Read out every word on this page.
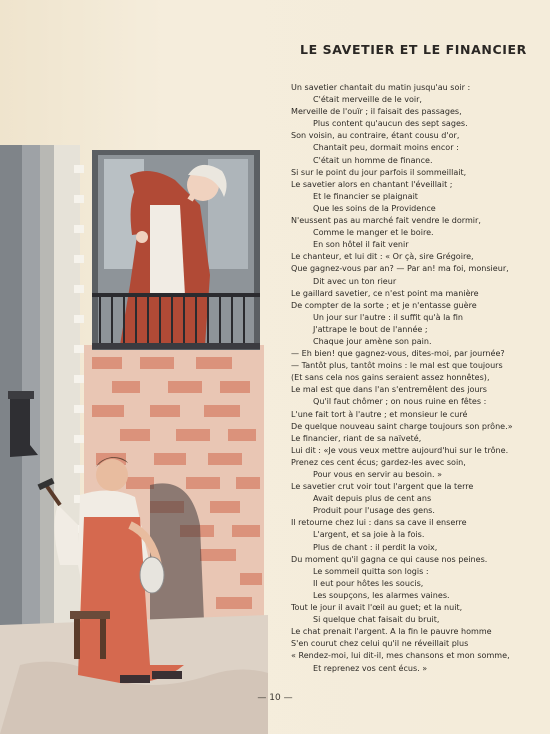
LE SAVETIER ET LE FINANCIER
Un savetier chantait du matin jusqu'au soir :
C'était merveille de le voir,
Merveille de l'ouïr ; il faisait des passages,
Plus content qu'aucun des sept sages.
Son voisin, au contraire, étant cousu d'or,
Chantait peu, dormait moins encor :
C'était un homme de finance.
Si sur le point du jour parfois il sommeillait,
Le savetier alors en chantant l'éveillait ;
Et le financier se plaignait
Que les soins de la Providence
N'eussent pas au marché fait vendre le dormir,
Comme le manger et le boire.
En son hôtel il fait venir
Le chanteur, et lui dit : « Or çà, sire Grégoire,
Que gagnez-vous par an? — Par an! ma foi, monsieur,
Dit avec un ton rieur
Le gaillard savetier, ce n'est point ma manière
De compter de la sorte ; et je n'entasse guère
Un jour sur l'autre : il suffit qu'à la fin
J'attrape le bout de l'année ;
Chaque jour amène son pain.
— Eh bien! que gagnez-vous, dites-moi, par journée?
— Tantôt plus, tantôt moins : le mal est que toujours
(Et sans cela nos gains seraient assez honnêtes),
Le mal est que dans l'an s'entremêlent des jours
Qu'il faut chômer ; on nous ruine en fêtes :
L'une fait tort à l'autre ; et monsieur le curé
De quelque nouveau saint charge toujours son prône.»
Le financier, riant de sa naïveté,
Lui dit : «Je vous veux mettre aujourd'hui sur le trône.
Prenez ces cent écus; gardez-les avec soin,
Pour vous en servir au besoin. »
Le savetier crut voir tout l'argent que la terre
Avait depuis plus de cent ans
Produit pour l'usage des gens.
Il retourne chez lui : dans sa cave il enserre
L'argent, et sa joie à la fois.
Plus de chant : il perdit la voix,
Du moment qu'il gagna ce qui cause nos peines.
Le sommeil quitta son logis :
Il eut pour hôtes les soucis,
Les soupçons, les alarmes vaines.
Tout le jour il avait l'œil au guet; et la nuit,
Si quelque chat faisait du bruit,
Le chat prenait l'argent. A la fin le pauvre homme
S'en courut chez celui qu'il ne réveillait plus
« Rendez-moi, lui dit-il, mes chansons et mon somme,
Et reprenez vos cent écus. »
— 10 —
